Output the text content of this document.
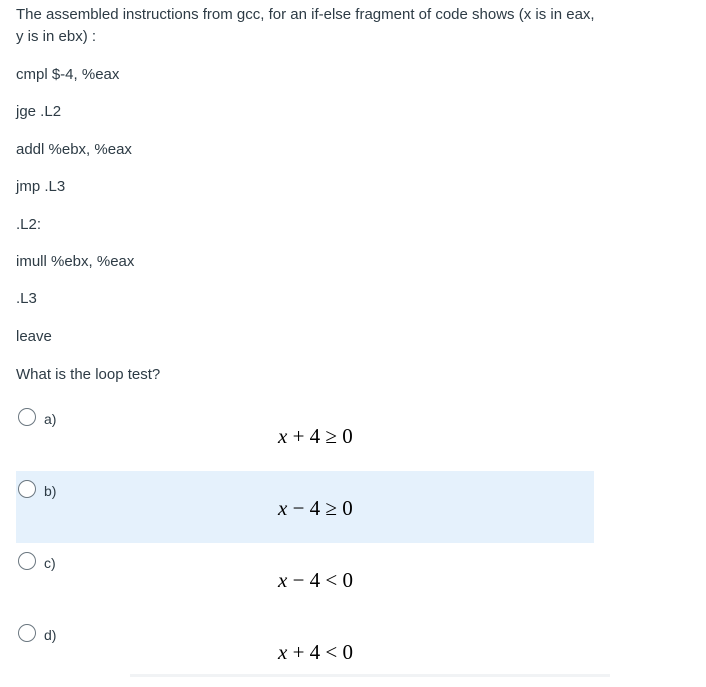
The assembled instructions from gcc, for an if-else fragment of code shows (x is in eax, y is in ebx) :

cmpl $-4, %eax

jge .L2

addl %ebx, %eax

jmp .L3

.L2:

imull %ebx, %eax

.L3

leave

What is the loop test?

a)
x + 4 ≥ 0
b)
x − 4 ≥ 0
c)
x − 4 < 0
d)
x + 4 < 0
